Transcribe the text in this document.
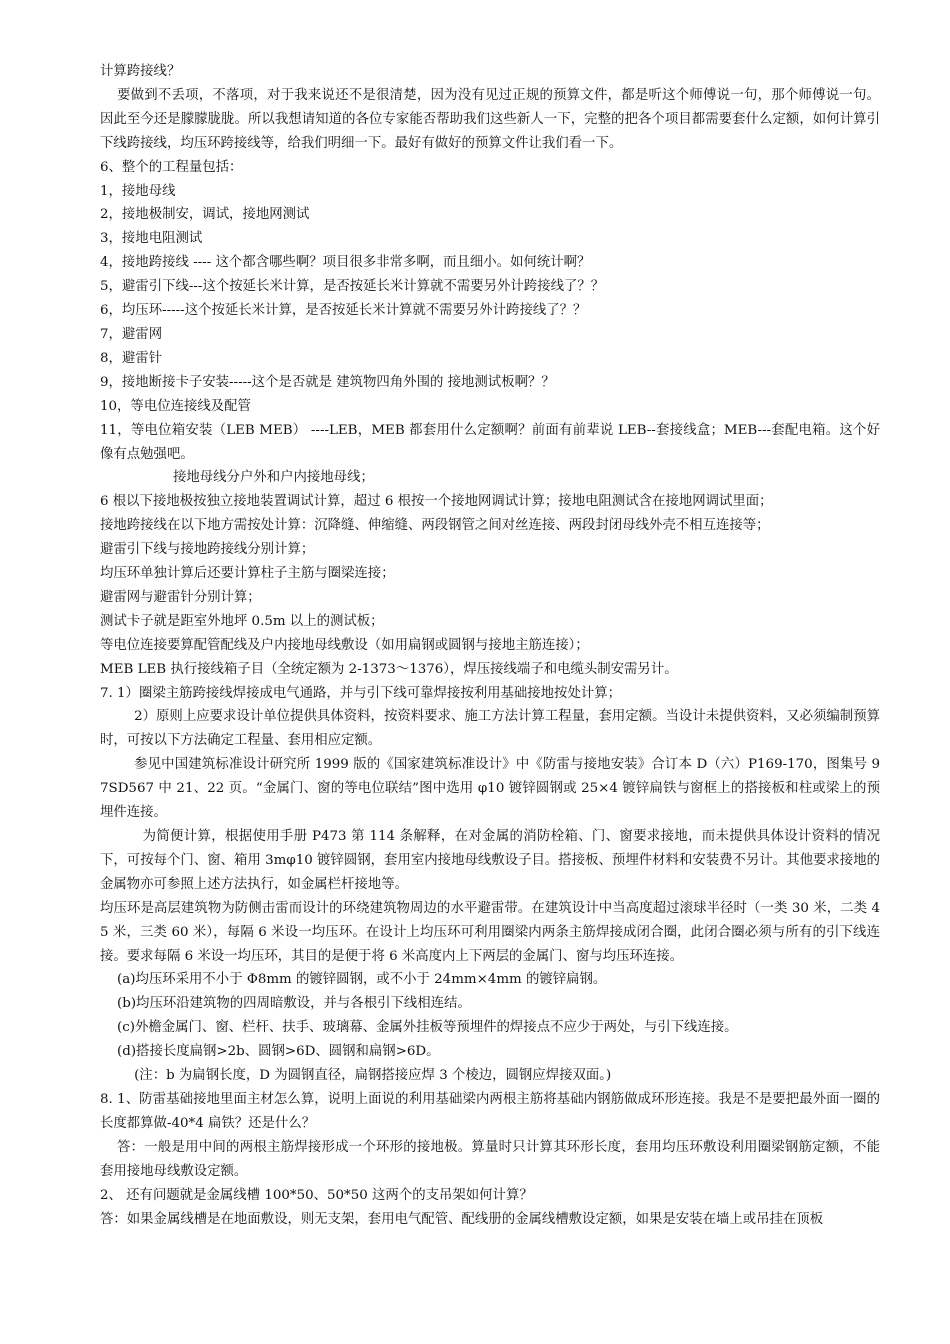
计算跨接线？

要做到不丢项，不落项，对于我来说还不是很清楚，因为没有见过正规的预算文件，都是听这个师傅说一句，那个师傅说一句。因此至今还是朦朦胧胧。所以我想请知道的各位专家能否帮助我们这些新人一下，完整的把各个项目都需要套什么定额，如何计算引下线跨接线，均压环跨接线等，给我们明细一下。最好有做好的预算文件让我们看一下。

6、整个的工程量包括：

1，接地母线

2，接地极制安，调试，接地网测试

3，接地电阻测试

4，接地跨接线 ---- 这个都含哪些啊？项目很多非常多啊，而且细小。如何统计啊？

5，避雷引下线---这个按延长米计算，是否按延长米计算就不需要另外计跨接线了？？

6，均压环-----这个按延长米计算，是否按延长米计算就不需要另外计跨接线了？？

7，避雷网

8，避雷针

9，接地断接卡子安装-----这个是否就是 建筑物四角外围的 接地测试板啊？？

10，等电位连接线及配管

11，等电位箱安装（LEB MEB） ----LEB，MEB 都套用什么定额啊？前面有前辈说 LEB--套接线盒；MEB---套配电箱。这个好像有点勉强吧。

接地母线分户外和户内接地母线；

6 根以下接地极按独立接地装置调试计算，超过 6 根按一个接地网调试计算；接地电阻测试含在接地网调试里面；

接地跨接线在以下地方需按处计算：沉降缝、伸缩缝、两段钢管之间对丝连接、两段封闭母线外壳不相互连接等；

避雷引下线与接地跨接线分别计算；

均压环单独计算后还要计算柱子主筋与圈梁连接；

避雷网与避雷针分别计算；

测试卡子就是距室外地坪 0.5m 以上的测试板；

等电位连接要算配管配线及户内接地母线敷设（如用扁钢或圆钢与接地主筋连接）；

MEB LEB 执行接线箱子目（全统定额为 2-1373～1376），焊压接线端子和电缆头制安需另计。

7. 1）圈梁主筋跨接线焊接成电气通路，并与引下线可靠焊接按利用基础接地按处计算；

2）原则上应要求设计单位提供具体资料，按资料要求、施工方法计算工程量，套用定额。当设计未提供资料，又必须编制预算时，可按以下方法确定工程量、套用相应定额。

参见中国建筑标准设计研究所 1999 版的《国家建筑标准设计》中《防雷与接地安装》合订本 D（六）P169-170，图集号 97SD567 中 21、22 页。“金属门、窗的等电位联结”图中选用 φ10 镀锌圆钢或 25×4 镀锌扁铁与窗框上的搭接板和柱或梁上的预埋件连接。

为简便计算，根据使用手册 P473 第 114 条解释，在对金属的消防栓箱、门、窗要求接地，而未提供具体设计资料的情况下，可按每个门、窗、箱用 3mφ10 镀锌圆钢，套用室内接地母线敷设子目。搭接板、预埋件材料和安装费不另计。其他要求接地的金属物亦可参照上述方法执行，如金属栏杆接地等。

均压环是高层建筑物为防侧击雷而设计的环绕建筑物周边的水平避雷带。在建筑设计中当高度超过滚球半径时（一类 30 米，二类 45 米，三类 60 米），每隔 6 米设一均压环。在设计上均压环可利用圈梁内两条主筋焊接成闭合圈，此闭合圈必须与所有的引下线连接。要求每隔 6 米设一均压环，其目的是便于将 6 米高度内上下两层的金属门、窗与均压环连接。

(a)均压环采用不小于 Φ8mm 的镀锌圆钢，或不小于 24mm×4mm 的镀锌扁钢。

(b)均压环沿建筑物的四周暗敷设，并与各根引下线相连结。

(c)外檐金属门、窗、栏杆、扶手、玻璃幕、金属外挂板等预埋件的焊接点不应少于两处，与引下线连接。

(d)搭接长度扁钢>2b、圆钢>6D、圆钢和扁钢>6D。

(注：b 为扁钢长度，D 为圆钢直径，扁钢搭接应焊 3 个棱边，圆钢应焊接双面。)

8. 1、防雷基础接地里面主材怎么算，说明上面说的利用基础梁内两根主筋将基础内钢筋做成环形连接。我是不是要把最外面一圈的长度都算做-40*4 扁铁？还是什么？

答：一般是用中间的两根主筋焊接形成一个环形的接地极。算量时只计算其环形长度，套用均压环敷设利用圈梁钢筋定额，不能套用接地母线敷设定额。

2、 还有问题就是金属线槽 100*50、50*50 这两个的支吊架如何计算？

答：如果金属线槽是在地面敷设，则无支架，套用电气配管、配线册的金属线槽敷设定额，如果是安装在墙上或吊挂在顶板
